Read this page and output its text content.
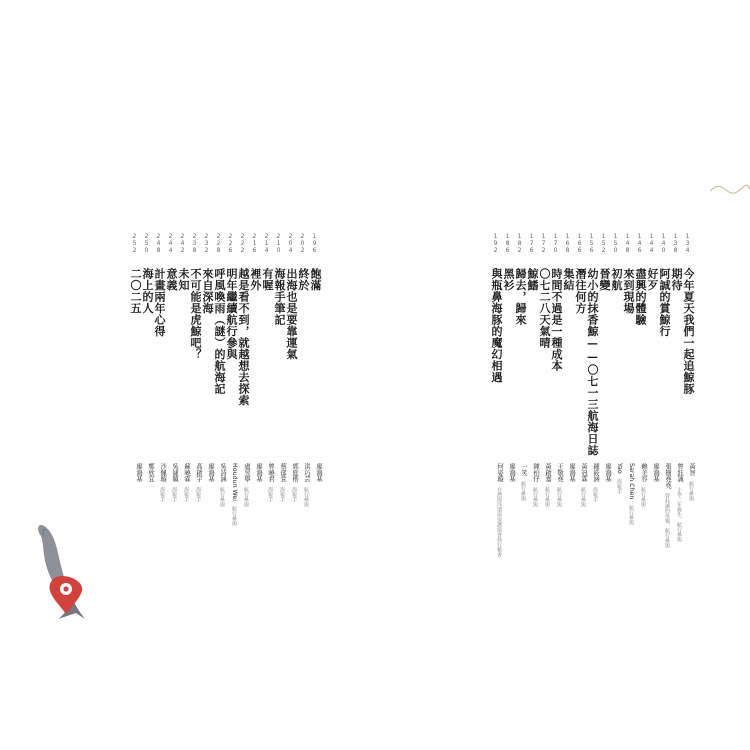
134
今年夏天我們一起追鯨豚
黃智航行參與
138
期待
曾鈺誠小學三年級生，航行參與
140
阿誠的賞鯨行
張簡堯堯曾鈺誠的母親，航行參與
144
好歹
廖鴻基
146
盡興的體驗
賴美容航行參與
148
來到現場
Sarah Chen航行參與
150
初航
Yao海報手
152
晉變
廖鴻基
156
幼小的抹香鯨——〇七一三航海日誌
鍾筱涵海報手
166
潛往何方
黃冠霖航行參與
168
集結
廖鴻基
170
時間不過是一種成本
王敬堯航行參與
172
〇七二八天氣晴
黃啟嘉航行參與
176
鯨鰭
陳柏仔航行參與
182
歸去，歸來
一笑航行參與
186
黑衫
廖鴻基
192
與瓶鼻海豚的魔幻相遇
何姿璇台灣海洋環境保護協會執行秘書
196
飽滿
廖鴻基
202
終於
洪巧芸航行參與
204
出海也是要靠運氣
郭庭楷海報手
210
海報手筆記
蔡郁萱海報手
214
有喔
曾曉君海報手
216
裡外
廖鴻基
222
越是看不到，就越想去探索
盧昱寧航行參與
226
明年繼續航行參與
Houdun Wei航行參與
228
呼風喚雨（謎）的航海記
吳詩涵航行參與
232
來自深海
廖鴻基
238
不可能是虎鯨吧？
高啟宇海報手
242
未知
蘇曉霖海報手
244
意義
吳婕穎海報手
248
計畫兩年心得
沙佩璇海報手
250
海上的人
鄭欣宜
252
二〇二五
廖鴻基
